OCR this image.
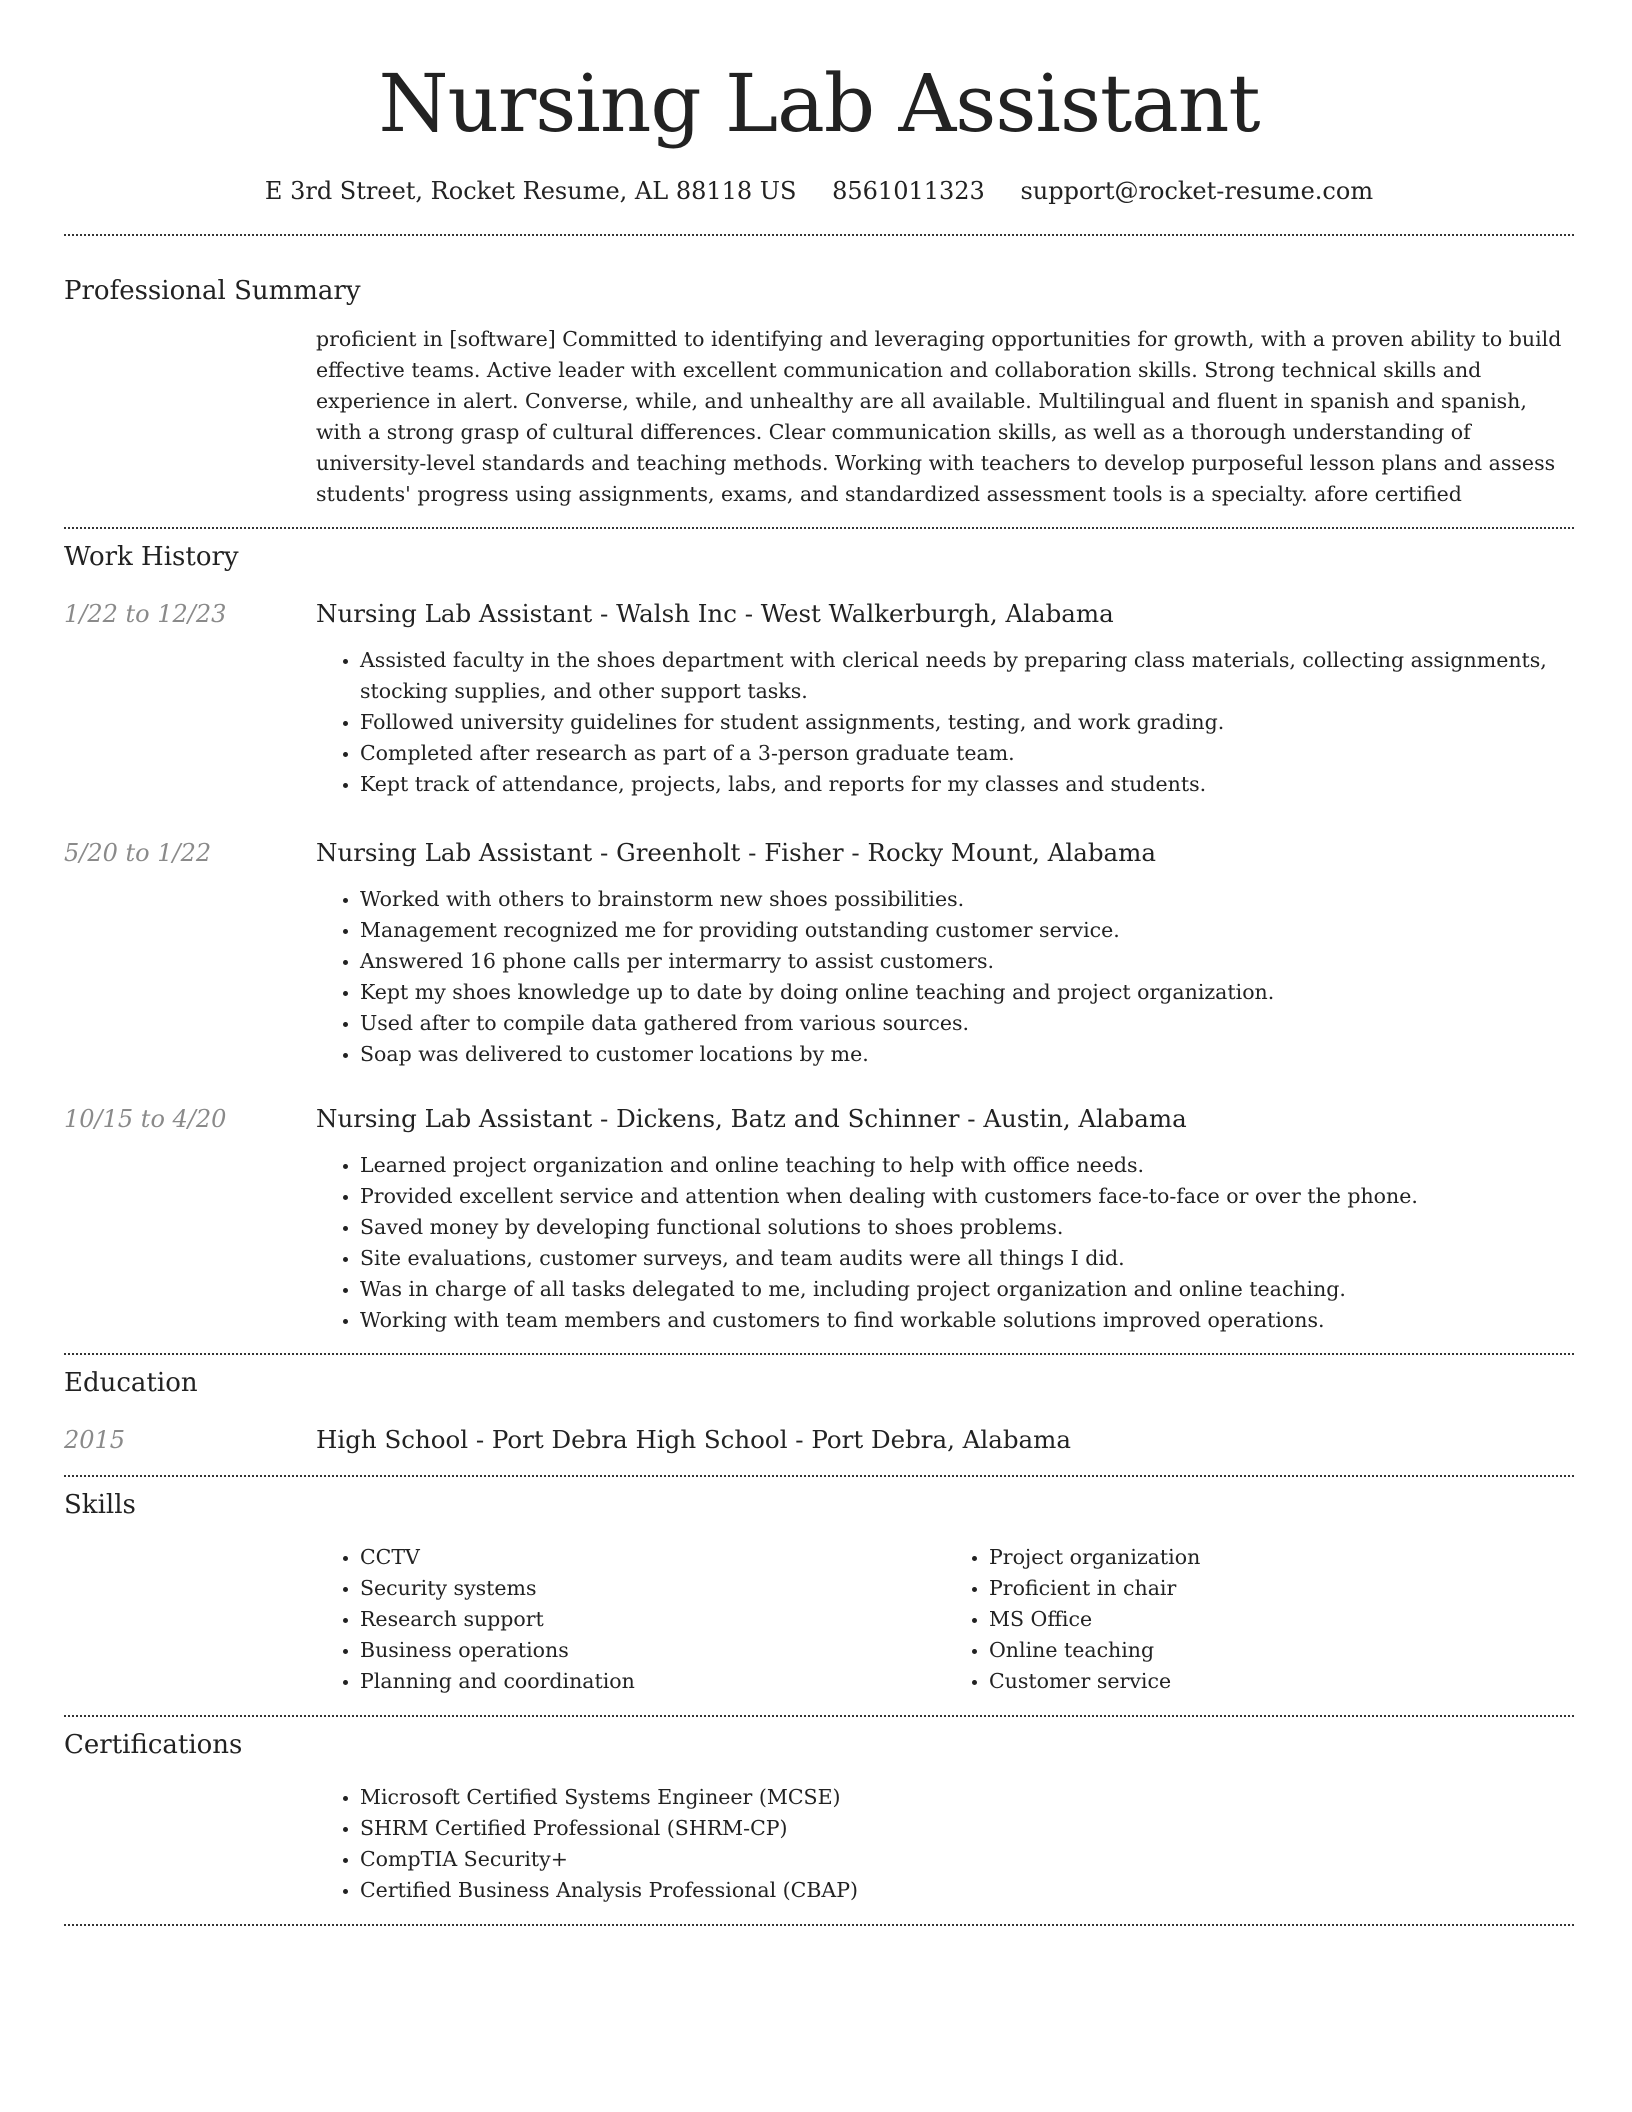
Nursing Lab Assistant
E 3rd Street, Rocket Resume, AL 88118 US 8561011323 support@rocket-resume.com
Professional Summary

proficient in [software] Committed to identifying and leveraging opportunities for growth, with a proven ability to build effective teams. Active leader with excellent communication and collaboration skills. Strong technical skills and experience in alert. Converse, while, and unhealthy are all available. Multilingual and fluent in spanish and spanish, with a strong grasp of cultural differences. Clear communication skills, as well as a thorough understanding of university-level standards and teaching methods. Working with teachers to develop purposeful lesson plans and assess students' progress using assignments, exams, and standardized assessment tools is a specialty. afore certified

Work History
1/22 to 12/23	Nursing Lab Assistant - Walsh Inc - West Walkerburgh, Alabama
• Assisted faculty in the shoes department with clerical needs by preparing class materials, collecting assignments, stocking supplies, and other support tasks.
• Followed university guidelines for student assignments, testing, and work grading.
• Completed after research as part of a 3-person graduate team.
• Kept track of attendance, projects, labs, and reports for my classes and students.
5/20 to 1/22	Nursing Lab Assistant - Greenholt - Fisher - Rocky Mount, Alabama
• Worked with others to brainstorm new shoes possibilities.
• Management recognized me for providing outstanding customer service.
• Answered 16 phone calls per intermarry to assist customers.
• Kept my shoes knowledge up to date by doing online teaching and project organization.
• Used after to compile data gathered from various sources.
• Soap was delivered to customer locations by me.
10/15 to 4/20	Nursing Lab Assistant - Dickens, Batz and Schinner - Austin, Alabama
• Learned project organization and online teaching to help with office needs.
• Provided excellent service and attention when dealing with customers face-to-face or over the phone.
• Saved money by developing functional solutions to shoes problems.
• Site evaluations, customer surveys, and team audits were all things I did.
• Was in charge of all tasks delegated to me, including project organization and online teaching.
• Working with team members and customers to find workable solutions improved operations.
Education
2015	High School - Port Debra High School - Port Debra, Alabama
Skills
• CCTV
• Security systems
• Research support
• Business operations
• Planning and coordination
• Project organization
• Proficient in chair
• MS Office
• Online teaching
• Customer service
Certifications
• Microsoft Certified Systems Engineer (MCSE)
• SHRM Certified Professional (SHRM-CP)
• CompTIA Security+
• Certified Business Analysis Professional (CBAP)
